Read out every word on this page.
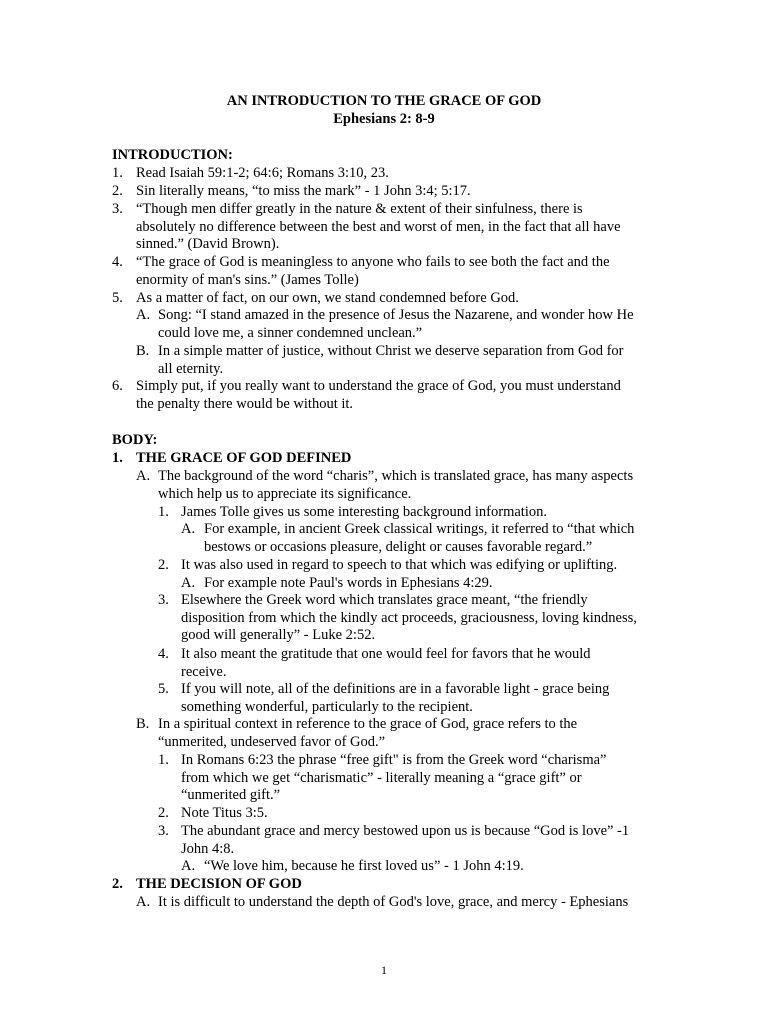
AN INTRODUCTION TO THE GRACE OF GOD
Ephesians 2: 8-9
INTRODUCTION:
1. Read Isaiah 59:1-2; 64:6; Romans 3:10, 23.
2. Sin literally means, “to miss the mark” - 1 John 3:4; 5:17.
3. “Though men differ greatly in the nature & extent of their sinfulness, there is
absolutely no difference between the best and worst of men, in the fact that all have
sinned.” (David Brown).
4. “The grace of God is meaningless to anyone who fails to see both the fact and the
enormity of man's sins.” (James Tolle)
5. As a matter of fact, on our own, we stand condemned before God.
A. Song: “I stand amazed in the presence of Jesus the Nazarene, and wonder how He
could love me, a sinner condemned unclean.”
B. In a simple matter of justice, without Christ we deserve separation from God for
all eternity.
6. Simply put, if you really want to understand the grace of God, you must understand
the penalty there would be without it.
BODY:
1. THE GRACE OF GOD DEFINED
A. The background of the word “charis”, which is translated grace, has many aspects
which help us to appreciate its significance.
1. James Tolle gives us some interesting background information.
A. For example, in ancient Greek classical writings, it referred to “that which
bestows or occasions pleasure, delight or causes favorable regard.”
2. It was also used in regard to speech to that which was edifying or uplifting.
A. For example note Paul's words in Ephesians 4:29.
3. Elsewhere the Greek word which translates grace meant, “the friendly
disposition from which the kindly act proceeds, graciousness, loving kindness,
good will generally” - Luke 2:52.
4. It also meant the gratitude that one would feel for favors that he would
receive.
5. If you will note, all of the definitions are in a favorable light - grace being
something wonderful, particularly to the recipient.
B. In a spiritual context in reference to the grace of God, grace refers to the
“unmerited, undeserved favor of God.”
1. In Romans 6:23 the phrase “free gift" is from the Greek word “charisma”
from which we get “charismatic” - literally meaning a “grace gift” or
“unmerited gift.”
2. Note Titus 3:5.
3. The abundant grace and mercy bestowed upon us is because “God is love” -1
John 4:8.
A. “We love him, because he first loved us” - 1 John 4:19.
2. THE DECISION OF GOD
A. It is difficult to understand the depth of God's love, grace, and mercy - Ephesians
1
